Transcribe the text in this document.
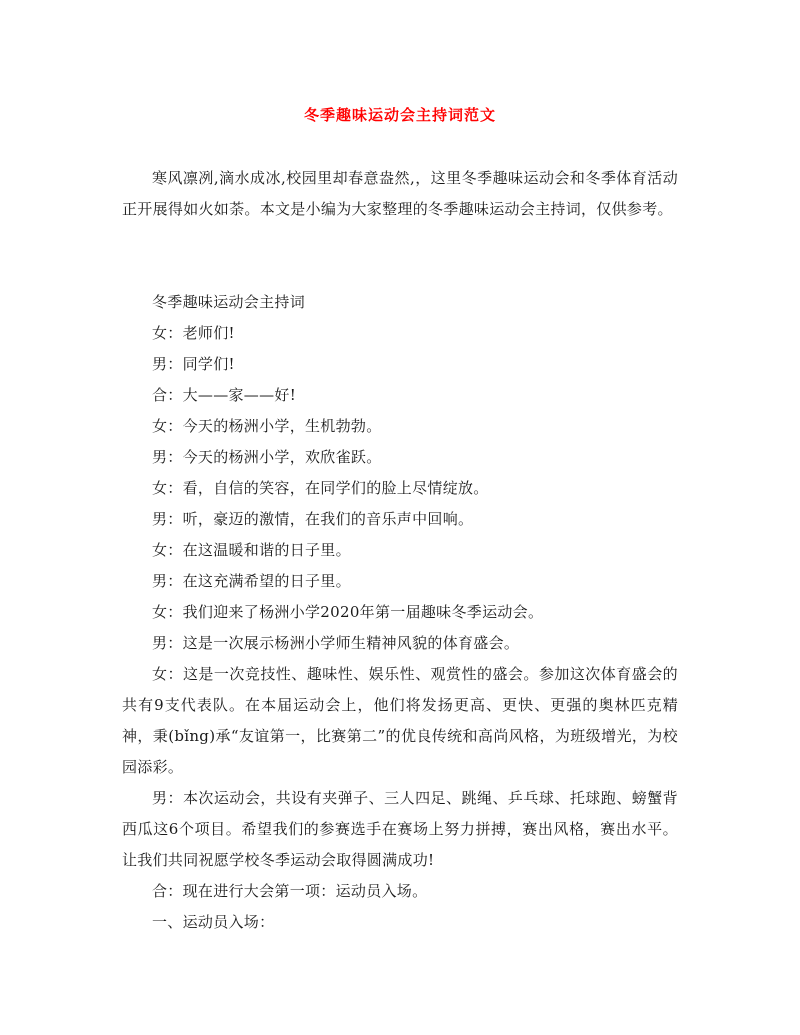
冬季趣味运动会主持词范文

寒风凛冽,滴水成冰,校园里却春意盎然,，这里冬季趣味运动会和冬季体育活动正开展得如火如荼。本文是小编为大家整理的冬季趣味运动会主持词，仅供参考。

冬季趣味运动会主持词

女：老师们!

男：同学们!

合：大——家——好!

女：今天的杨洲小学，生机勃勃。

男：今天的杨洲小学，欢欣雀跃。

女：看，自信的笑容，在同学们的脸上尽情绽放。

男：听，豪迈的激情，在我们的音乐声中回响。

女：在这温暖和谐的日子里。

男：在这充满希望的日子里。

女：我们迎来了杨洲小学2020年第一届趣味冬季运动会。

男：这是一次展示杨洲小学师生精神风貌的体育盛会。

女：这是一次竞技性、趣味性、娱乐性、观赏性的盛会。参加这次体育盛会的共有9支代表队。在本届运动会上，他们将发扬更高、更快、更强的奥林匹克精神，秉(bǐng)承“友谊第一，比赛第二”的优良传统和高尚风格，为班级增光，为校园添彩。

男：本次运动会，共设有夹弹子、三人四足、跳绳、乒乓球、托球跑、螃蟹背西瓜这6个项目。希望我们的参赛选手在赛场上努力拼搏，赛出风格，赛出水平。让我们共同祝愿学校冬季运动会取得圆满成功!

合：现在进行大会第一项：运动员入场。

一、运动员入场：
